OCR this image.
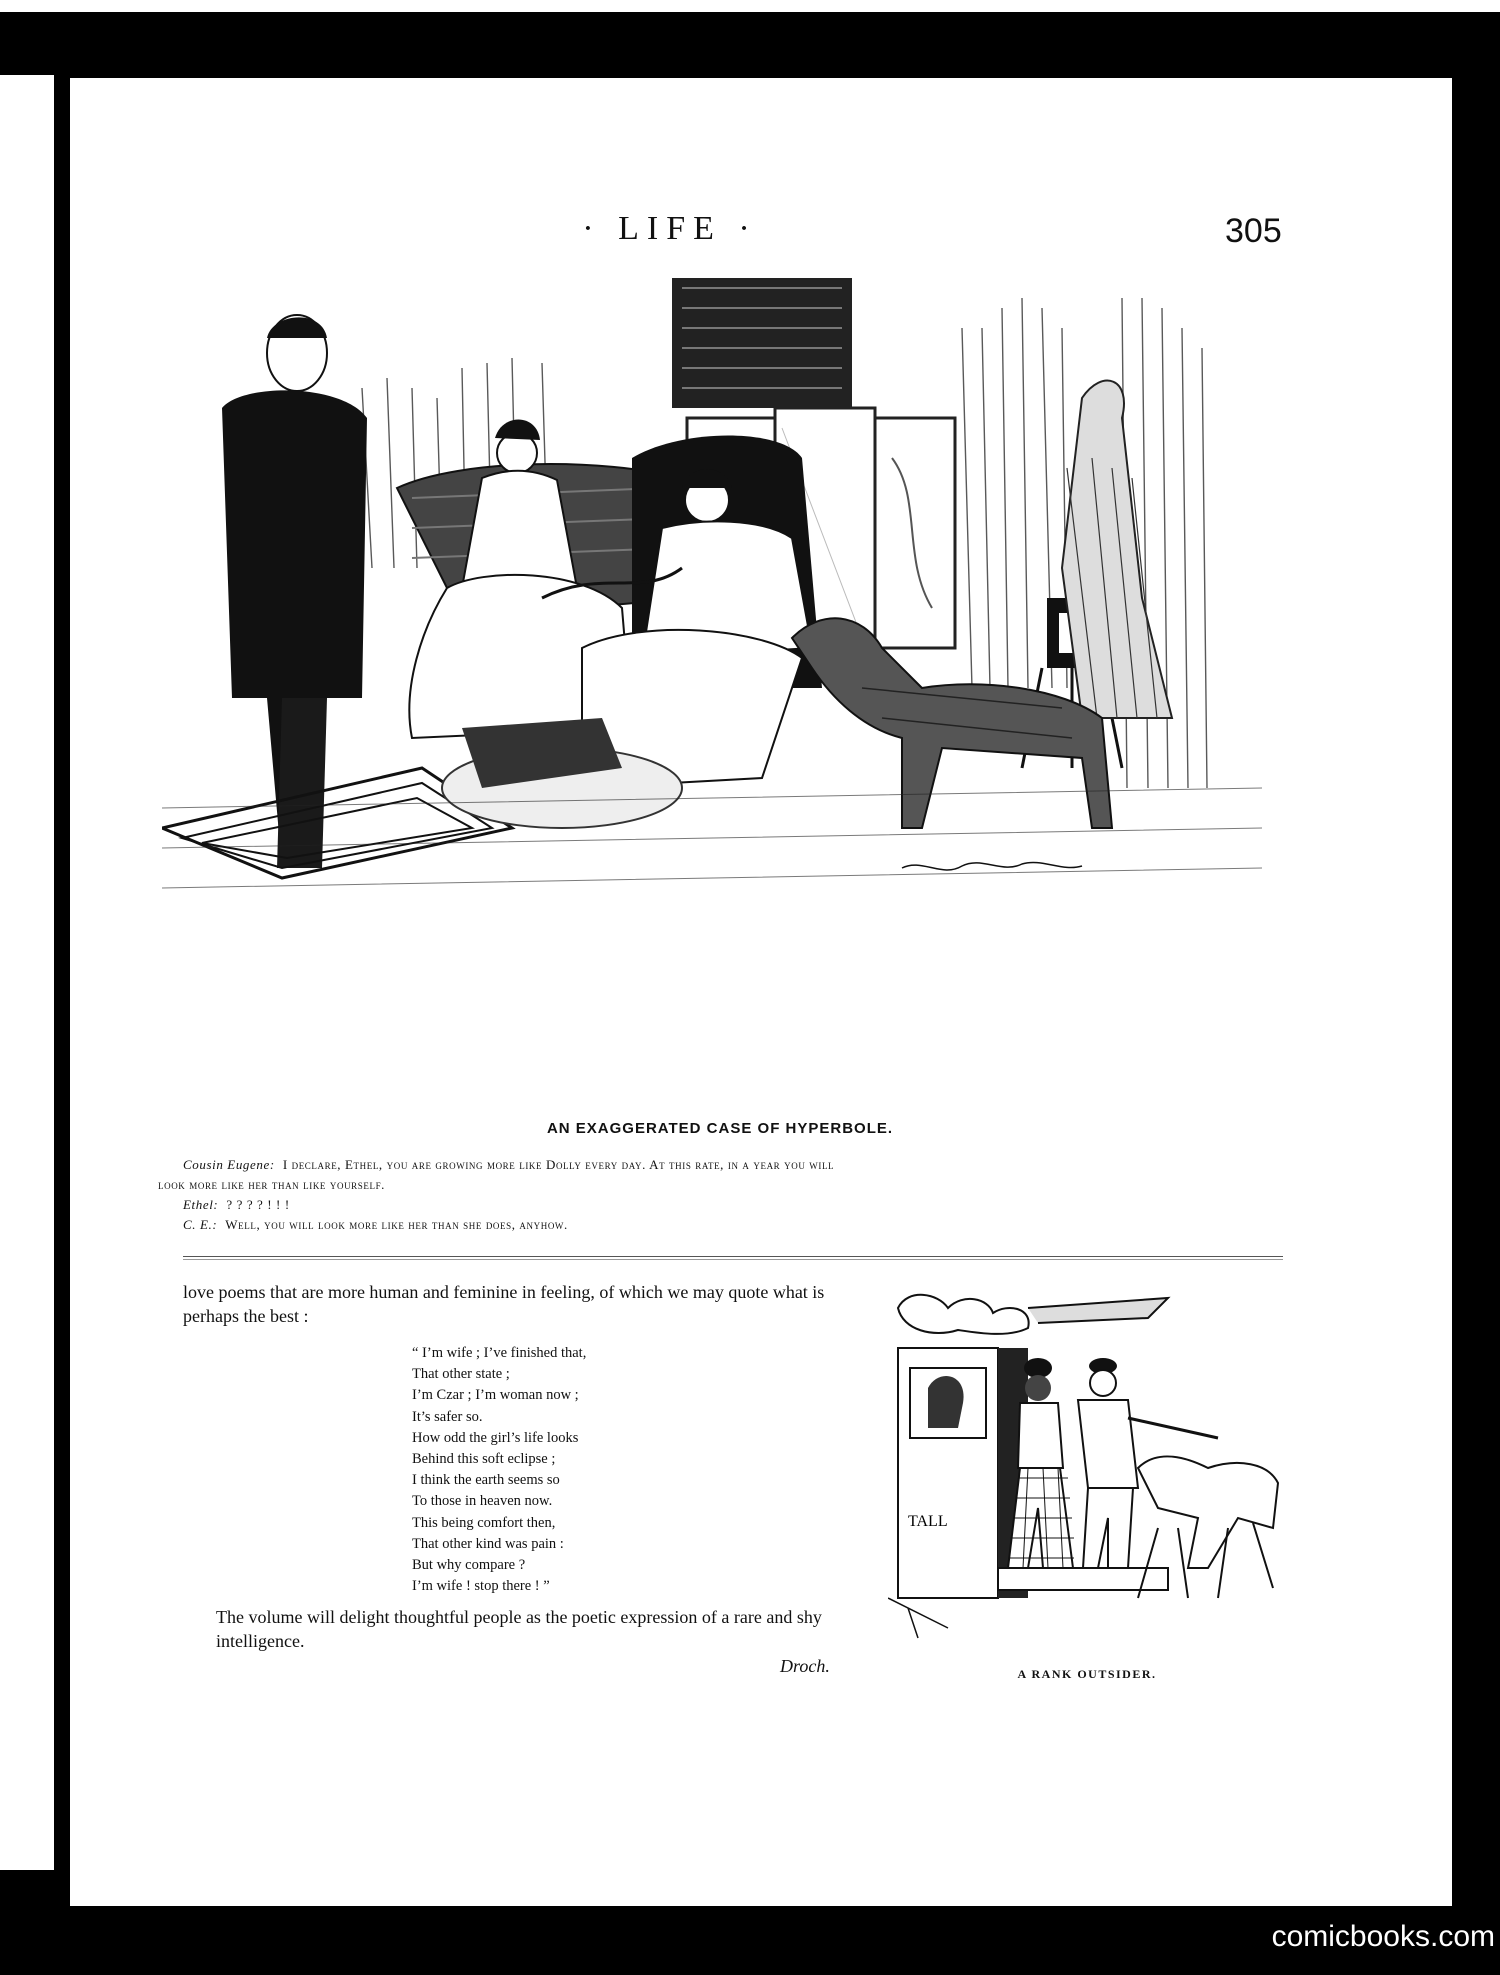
· LIFE ·	305
AN EXAGGERATED CASE OF HYPERBOLE.
Cousin Eugene: I declare, Ethel, you are growing more like Dolly every day. At this rate, in a year you will
look more like her than like yourself.
Ethel: ? ? ? ? ! ! !
C. E.: Well, you will look more like her than she does, anyhow.
love poems that are more human and feminine in feeling, of which we may quote what is perhaps the best :
“ I’m wife ; I’ve finished that,
That other state ;
I’m Czar ; I’m woman now ;
It’s safer so.
How odd the girl’s life looks
Behind this soft eclipse ;
I think the earth seems so
To those in heaven now.
This being comfort then,
That other kind was pain :
But why compare ?
I’m wife ! stop there ! ”
The volume will delight thoughtful people as the poetic expression of a rare and shy intelligence.
Droch.
TALL
A RANK OUTSIDER.
comicbooks.com
